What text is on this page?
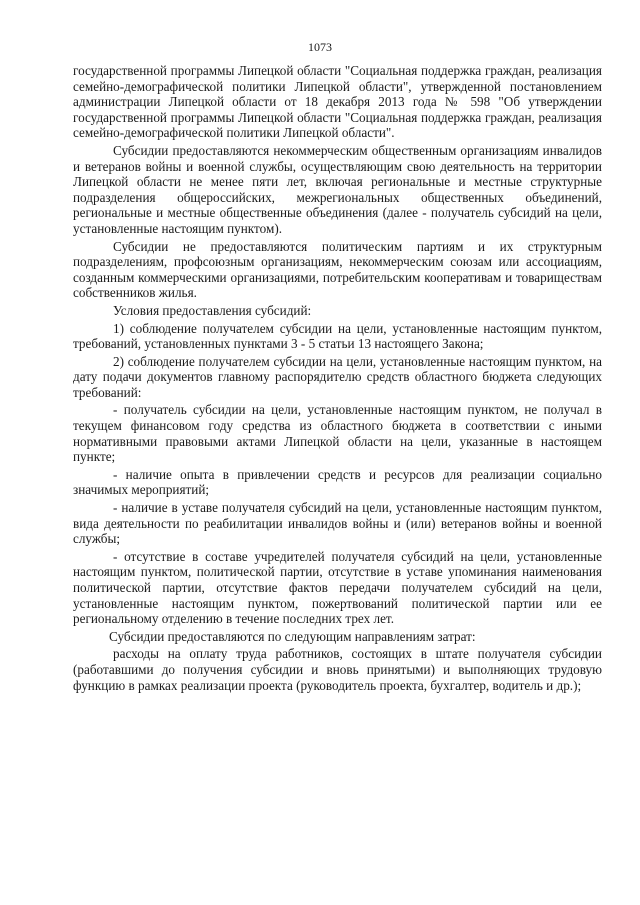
1073

государственной программы Липецкой области "Социальная поддержка граждан, реализация семейно-демографической политики Липецкой области", утвержденной постановлением администрации Липецкой области от 18 декабря 2013 года № 598 "Об утверждении государственной программы Липецкой области "Социальная поддержка граждан, реализация семейно-демографической политики Липецкой области".

Субсидии предоставляются некоммерческим общественным организациям инвалидов и ветеранов войны и военной службы, осуществляющим свою деятельность на территории Липецкой области не менее пяти лет, включая региональные и местные структурные подразделения общероссийских, межрегиональных общественных объединений, региональные и местные общественные объединения (далее - получатель субсидий на цели, установленные настоящим пунктом).

Субсидии не предоставляются политическим партиям и их структурным подразделениям, профсоюзным организациям, некоммерческим союзам или ассоциациям, созданным коммерческими организациями, потребительским кооперативам и товариществам собственников жилья.

Условия предоставления субсидий:

1) соблюдение получателем субсидии на цели, установленные настоящим пунктом, требований, установленных пунктами 3 - 5 статьи 13 настоящего Закона;

2) соблюдение получателем субсидии на цели, установленные настоящим пунктом, на дату подачи документов главному распорядителю средств областного бюджета следующих требований:

- получатель субсидии на цели, установленные настоящим пунктом, не получал в текущем финансовом году средства из областного бюджета в соответствии с иными нормативными правовыми актами Липецкой области на цели, указанные в настоящем пункте;

- наличие опыта в привлечении средств и ресурсов для реализации социально значимых мероприятий;

- наличие в уставе получателя субсидий на цели, установленные настоящим пунктом, вида деятельности по реабилитации инвалидов войны и (или) ветеранов войны и военной службы;

- отсутствие в составе учредителей получателя субсидий на цели, установленные настоящим пунктом, политической партии, отсутствие в уставе упоминания наименования политической партии, отсутствие фактов передачи получателем субсидий на цели, установленные настоящим пунктом, пожертвований политической партии или ее региональному отделению в течение последних трех лет.

Субсидии предоставляются по следующим направлениям затрат:

расходы на оплату труда работников, состоящих в штате получателя субсидии (работавшими до получения субсидии и вновь принятыми) и выполняющих трудовую функцию в рамках реализации проекта (руководитель проекта, бухгалтер, водитель и др.);
